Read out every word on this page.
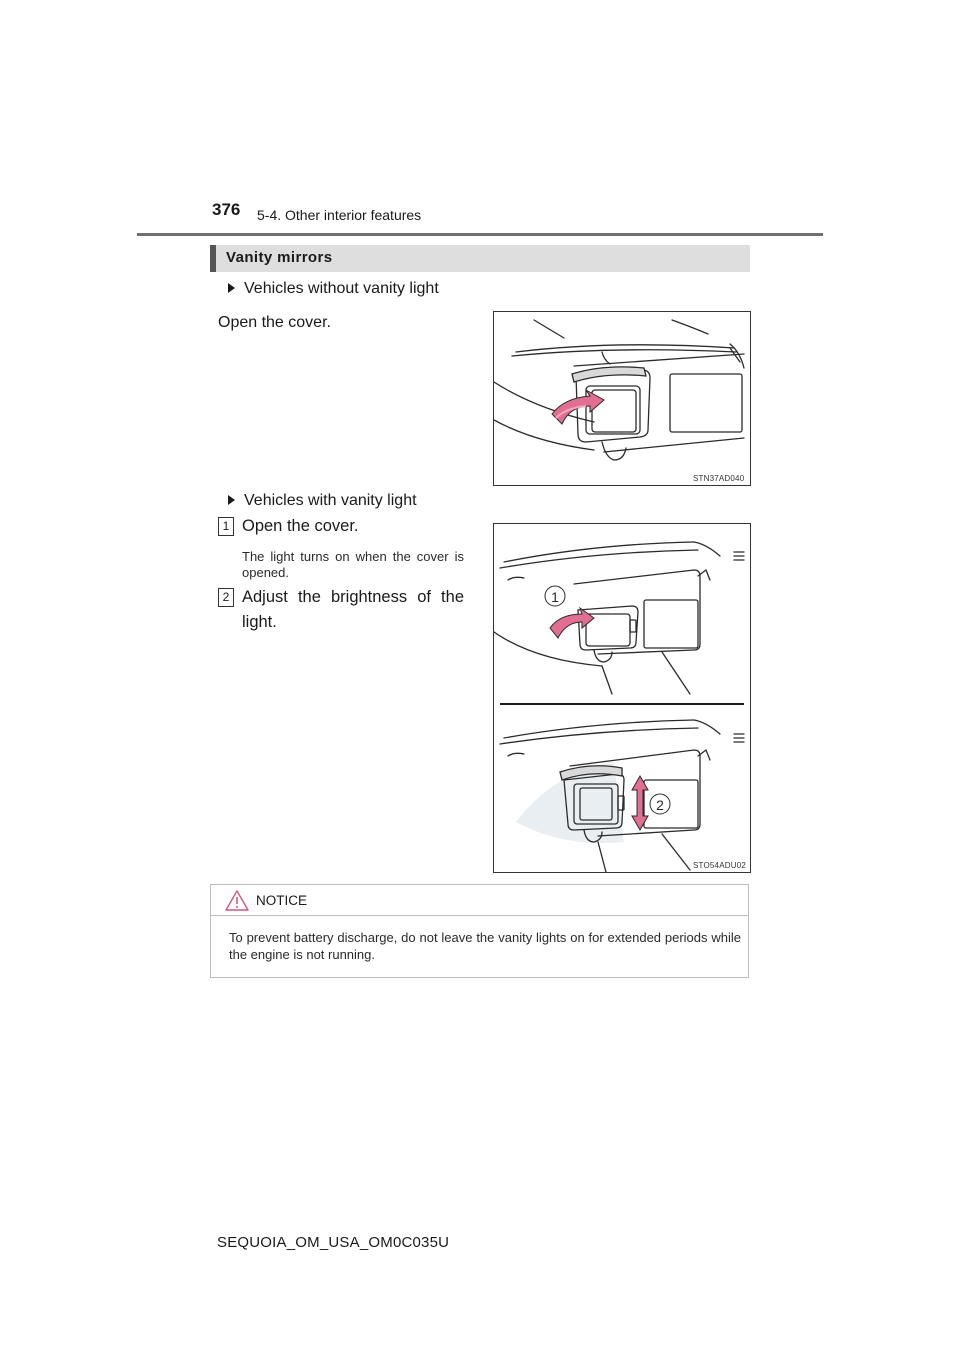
376 5-4. Other interior features
Vanity mirrors
Vehicles without vanity light
Open the cover.
STN37AD040
Vehicles with vanity light
1 Open the cover.
The light turns on when the cover is opened.
2 Adjust the brightness of the light.
1
2
STO54ADU02
NOTICE
To prevent battery discharge, do not leave the vanity lights on for extended periods while the engine is not running.
SEQUOIA_OM_USA_OM0C035U
